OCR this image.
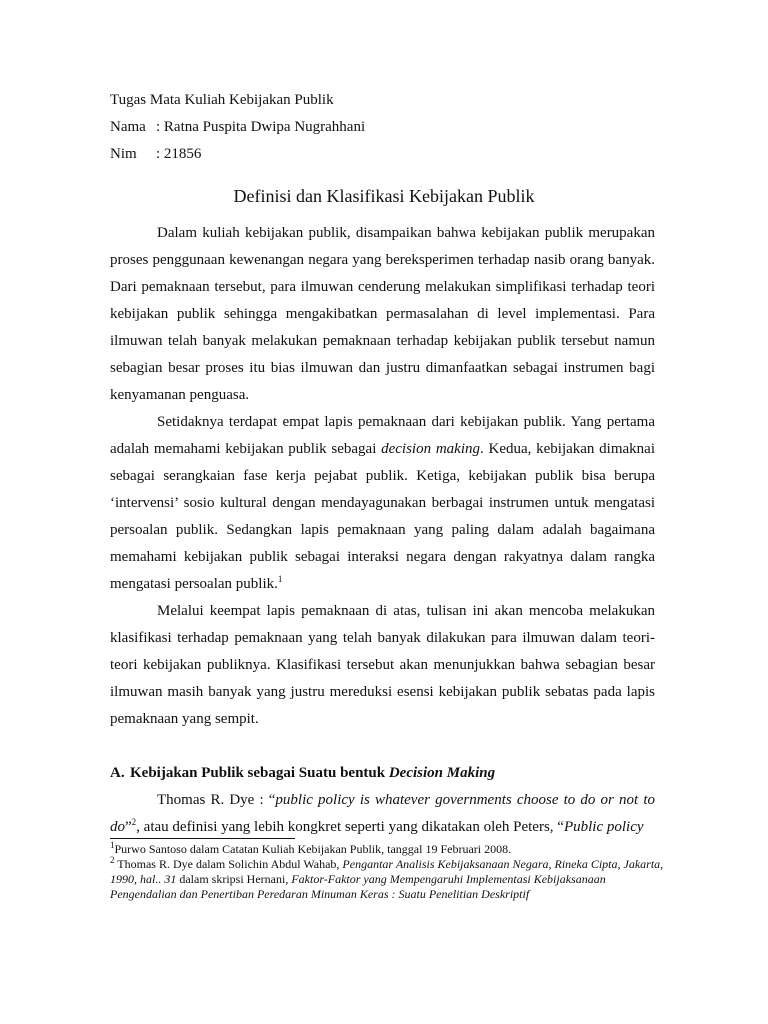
Tugas Mata Kuliah Kebijakan Publik
Nama : Ratna Puspita Dwipa Nugrahhani
Nim : 21856
Definisi dan Klasifikasi Kebijakan Publik

Dalam kuliah kebijakan publik, disampaikan bahwa kebijakan publik merupakan proses penggunaan kewenangan negara yang bereksperimen terhadap nasib orang banyak. Dari pemaknaan tersebut, para ilmuwan cenderung melakukan simplifikasi terhadap teori kebijakan publik sehingga mengakibatkan permasalahan di level implementasi. Para ilmuwan telah banyak melakukan pemaknaan terhadap kebijakan publik tersebut namun sebagian besar proses itu bias ilmuwan dan justru dimanfaatkan sebagai instrumen bagi kenyamanan penguasa.

Setidaknya terdapat empat lapis pemaknaan dari kebijakan publik. Yang pertama adalah memahami kebijakan publik sebagai decision making. Kedua, kebijakan dimaknai sebagai serangkaian fase kerja pejabat publik. Ketiga, kebijakan publik bisa berupa ‘intervensi’ sosio kultural dengan mendayagunakan berbagai instrumen untuk mengatasi persoalan publik. Sedangkan lapis pemaknaan yang paling dalam adalah bagaimana memahami kebijakan publik sebagai interaksi negara dengan rakyatnya dalam rangka mengatasi persoalan publik.$^1$

Melalui keempat lapis pemaknaan di atas, tulisan ini akan mencoba melakukan klasifikasi terhadap pemaknaan yang telah banyak dilakukan para ilmuwan dalam teori-teori kebijakan publiknya. Klasifikasi tersebut akan menunjukkan bahwa sebagian besar ilmuwan masih banyak yang justru mereduksi esensi kebijakan publik sebatas pada lapis pemaknaan yang sempit.

A. Kebijakan Publik sebagai Suatu bentuk Decision Making

Thomas R. Dye : “public policy is whatever governments choose to do or not to do”$^2$, atau definisi yang lebih kongkret seperti yang dikatakan oleh Peters, “Public policy

$^1$Purwo Santoso dalam Catatan Kuliah Kebijakan Publik, tanggal 19 Februari 2008.
$^2$ Thomas R. Dye dalam Solichin Abdul Wahab, Pengantar Analisis Kebijaksanaan Negara, Rineka Cipta, Jakarta, 1990, hal.. 31 dalam skripsi Hernani, Faktor-Faktor yang Mempengaruhi Implementasi Kebijaksanaan Pengendalian dan Penertiban Peredaran Minuman Keras : Suatu Penelitian Deskriptif
